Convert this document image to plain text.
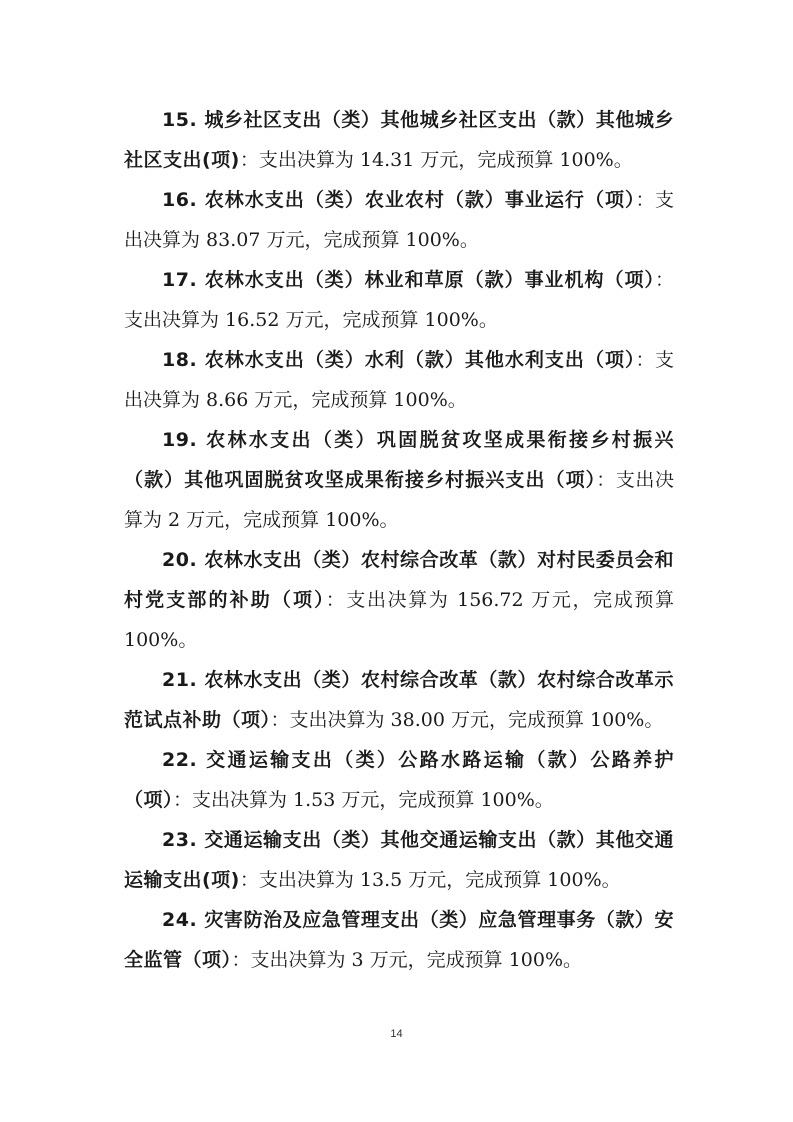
15. 城乡社区支出（类）其他城乡社区支出（款）其他城乡社区支出(项)：支出决算为 14.31 万元，完成预算 100%。

16. 农林水支出（类）农业农村（款）事业运行（项）：支出决算为 83.07 万元，完成预算 100%。

17. 农林水支出（类）林业和草原（款）事业机构（项）：支出决算为 16.52 万元，完成预算 100%。

18. 农林水支出（类）水利（款）其他水利支出（项）：支出决算为 8.66 万元，完成预算 100%。

19. 农林水支出（类）巩固脱贫攻坚成果衔接乡村振兴（款）其他巩固脱贫攻坚成果衔接乡村振兴支出（项）：支出决算为 2 万元，完成预算 100%。

20. 农林水支出（类）农村综合改革（款）对村民委员会和村党支部的补助（项）：支出决算为 156.72 万元，完成预算 100%。

21. 农林水支出（类）农村综合改革（款）农村综合改革示范试点补助（项）：支出决算为 38.00 万元，完成预算 100%。

22. 交通运输支出（类）公路水路运输（款）公路养护（项）：支出决算为 1.53 万元，完成预算 100%。

23. 交通运输支出（类）其他交通运输支出（款）其他交通运输支出(项)：支出决算为 13.5 万元，完成预算 100%。

24. 灾害防治及应急管理支出（类）应急管理事务（款）安全监管（项）：支出决算为 3 万元，完成预算 100%。

14
